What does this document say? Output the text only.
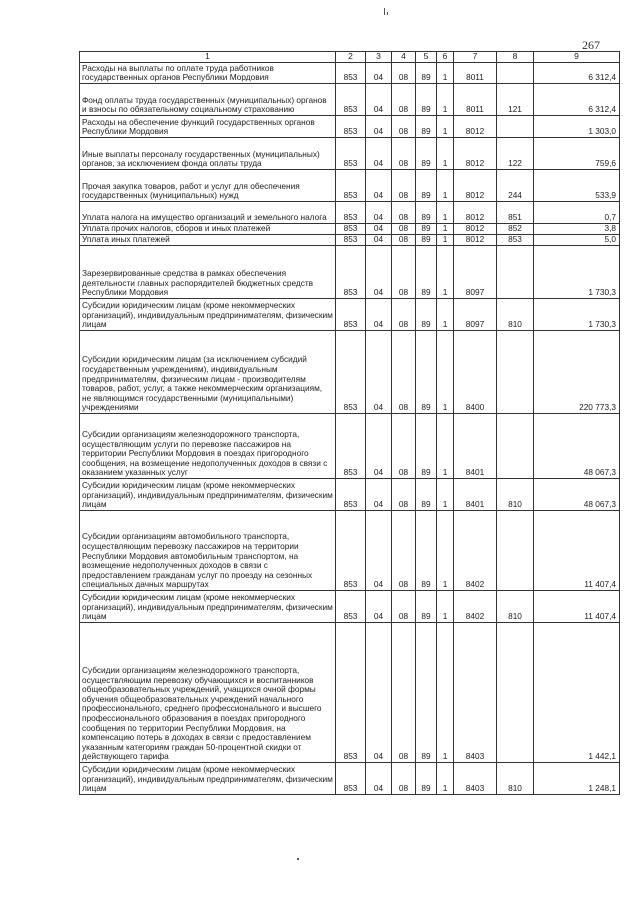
267
1	2	3	4	5	6	7	8	9
Расходы на выплаты по оплате труда работников государственных органов Республики Мордовия	853	04	08	89	1	8011		6 312,4
Фонд оплаты труда государственных (муниципальных) органов и взносы по обязательному социальному страхованию	853	04	08	89	1	8011	121	6 312,4
Расходы на обеспечение функций государственных органов Республики Мордовия	853	04	08	89	1	8012		1 303,0
Иные выплаты персоналу государственных (муниципальных) органов, за исключением фонда оплаты труда	853	04	08	89	1	8012	122	759,6
Прочая закупка товаров, работ и услуг для обеспечения государственных (муниципальных) нужд	853	04	08	89	1	8012	244	533,9
Уплата налога на имущество организаций и земельного налога	853	04	08	89	1	8012	851	0,7
Уплата прочих налогов, сборов и иных платежей	853	04	08	89	1	8012	852	3,8
Уплата иных платежей	853	04	08	89	1	8012	853	5,0
Зарезервированные средства в рамках обеспечения деятельности главных распорядителей бюджетных средств Республики Мордовия	853	04	08	89	1	8097		1 730,3
Субсидии юридическим лицам (кроме некоммерческих организаций), индивидуальным предпринимателям, физическим лицам	853	04	08	89	1	8097	810	1 730,3
Субсидии юридическим лицам (за исключением субсидий государственным учреждениям), индивидуальным предпринимателям, физическим лицам - производителям товаров, работ, услуг, а также некоммерческим организациям, не являющимся государственными (муниципальными) учреждениями	853	04	08	89	1	8400		220 773,3
Субсидии организациям железнодорожного транспорта, осуществляющим услуги по перевозке пассажиров на территории Республики Мордовия в поездах пригородного сообщения, на возмещение недополученных доходов в связи с оказанием указанных услуг	853	04	08	89	1	8401		48 067,3
Субсидии юридическим лицам (кроме некоммерческих организаций), индивидуальным предпринимателям, физическим лицам	853	04	08	89	1	8401	810	48 067,3
Субсидии организациям автомобильного транспорта, осуществляющим перевозку пассажиров на территории Республики Мордовия автомобильным транспортом, на возмещение недополученных доходов в связи с предоставлением гражданам услуг по проезду на сезонных специальных дачных маршрутах	853	04	08	89	1	8402		11 407,4
Субсидии юридическим лицам (кроме некоммерческих организаций), индивидуальным предпринимателям, физическим лицам	853	04	08	89	1	8402	810	11 407,4
Субсидии организациям железнодорожного транспорта, осуществляющим перевозку обучающихся и воспитанников общеобразовательных учреждений, учащихся очной формы обучения общеобразовательных учреждений начального профессионального, среднего профессионального и высшего профессионального образования в поездах пригородного сообщения по территории Республики Мордовия, на компенсацию потерь в доходах в связи с предоставлением указанным категориям граждан 50-процентной скидки от действующего тарифа	853	04	08	89	1	8403		1 442,1
Субсидии юридическим лицам (кроме некоммерческих организаций), индивидуальным предпринимателям, физическим лицам	853	04	08	89	1	8403	810	1 248,1
